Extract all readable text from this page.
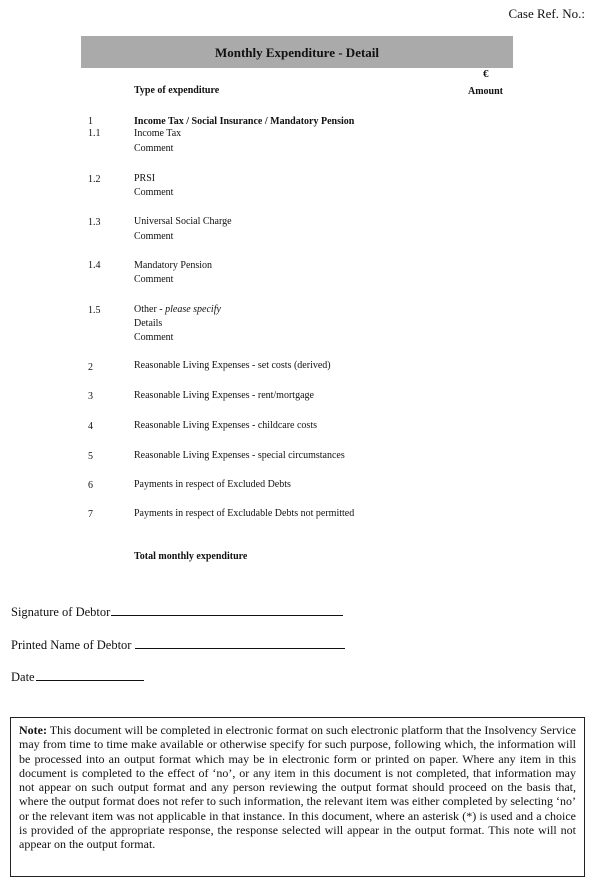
Case Ref. No.:
Monthly Expenditure - Detail
€
Type of expenditure	Amount
1	Income Tax / Social Insurance / Mandatory Pension
1.1	Income Tax
Comment
1.2	PRSI
Comment
1.3	Universal Social Charge
Comment
1.4	Mandatory Pension
Comment
1.5	Other - please specify
Details
Comment
2	Reasonable Living Expenses - set costs (derived)
3	Reasonable Living Expenses - rent/mortgage
4	Reasonable Living Expenses - childcare costs
5	Reasonable Living Expenses - special circumstances
6	Payments in respect of Excluded Debts
7	Payments in respect of Excludable Debts not permitted
Total monthly expenditure
Signature of Debtor
Printed Name of Debtor
Date
Note: This document will be completed in electronic format on such electronic platform that the Insolvency Service may from time to time make available or otherwise specify for such purpose, following which, the information will be processed into an output format which may be in electronic form or printed on paper. Where any item in this document is completed to the effect of ‘no’, or any item in this document is not completed, that information may not appear on such output format and any person reviewing the output format should proceed on the basis that, where the output format does not refer to such information, the relevant item was either completed by selecting ‘no’ or the relevant item was not applicable in that instance. In this document, where an asterisk (*) is used and a choice is provided of the appropriate response, the response selected will appear in the output format. This note will not appear on the output format.
